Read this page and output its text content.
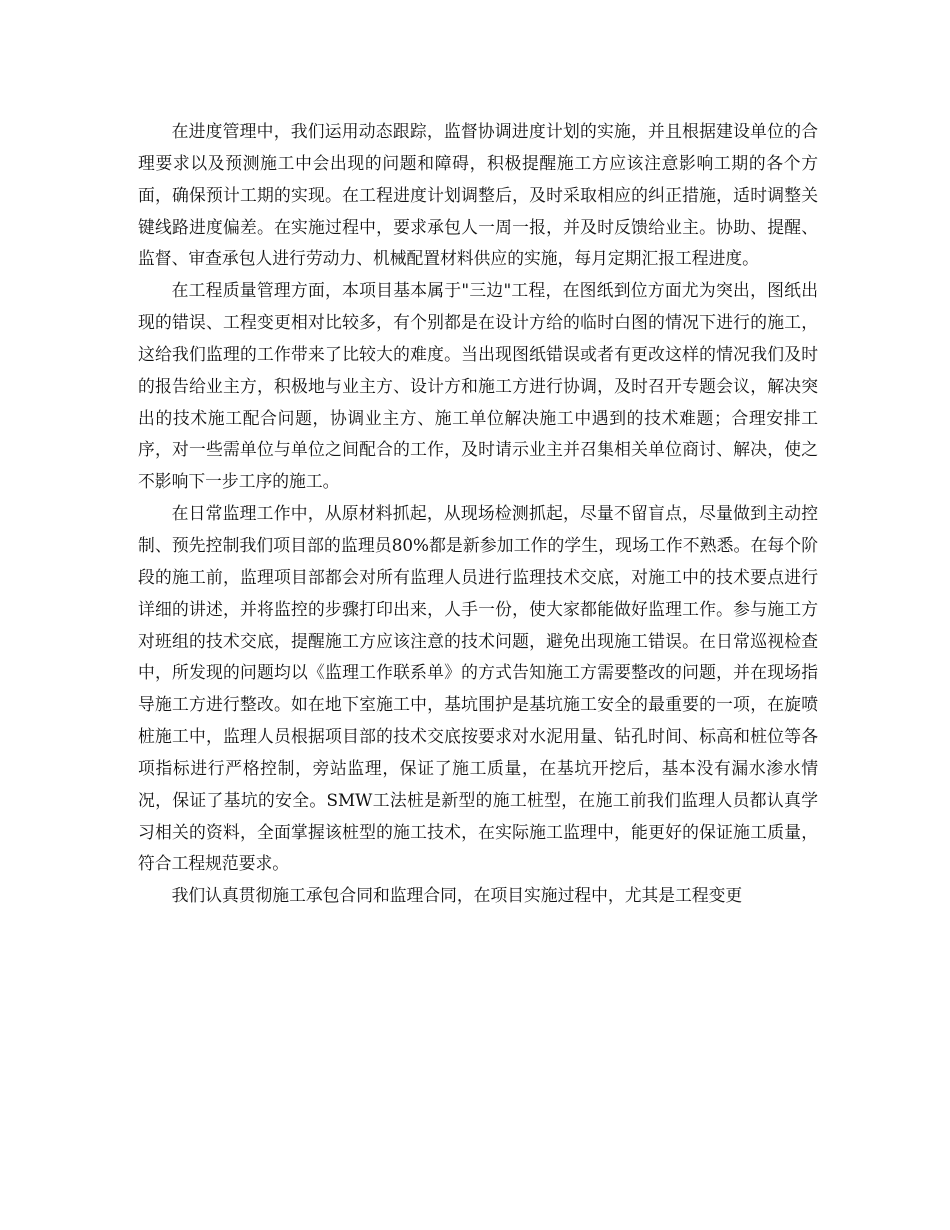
在进度管理中，我们运用动态跟踪，监督协调进度计划的实施，并且根据建设单位的合理要求以及预测施工中会出现的问题和障碍，积极提醒施工方应该注意影响工期的各个方面，确保预计工期的实现。在工程进度计划调整后，及时采取相应的纠正措施，适时调整关键线路进度偏差。在实施过程中，要求承包人一周一报，并及时反馈给业主。协助、提醒、监督、审查承包人进行劳动力、机械配置材料供应的实施，每月定期汇报工程进度。

在工程质量管理方面，本项目基本属于"三边"工程，在图纸到位方面尤为突出，图纸出现的错误、工程变更相对比较多，有个别都是在设计方给的临时白图的情况下进行的施工，这给我们监理的工作带来了比较大的难度。当出现图纸错误或者有更改这样的情况我们及时的报告给业主方，积极地与业主方、设计方和施工方进行协调，及时召开专题会议，解决突出的技术施工配合问题，协调业主方、施工单位解决施工中遇到的技术难题；合理安排工序，对一些需单位与单位之间配合的工作，及时请示业主并召集相关单位商讨、解决，使之不影响下一步工序的施工。

在日常监理工作中，从原材料抓起，从现场检测抓起，尽量不留盲点，尽量做到主动控制、预先控制我们项目部的监理员80%都是新参加工作的学生，现场工作不熟悉。在每个阶段的施工前，监理项目部都会对所有监理人员进行监理技术交底，对施工中的技术要点进行详细的讲述，并将监控的步骤打印出来，人手一份，使大家都能做好监理工作。参与施工方对班组的技术交底，提醒施工方应该注意的技术问题，避免出现施工错误。在日常巡视检查中，所发现的问题均以《监理工作联系单》的方式告知施工方需要整改的问题，并在现场指导施工方进行整改。如在地下室施工中，基坑围护是基坑施工安全的最重要的一项，在旋喷桩施工中，监理人员根据项目部的技术交底按要求对水泥用量、钻孔时间、标高和桩位等各项指标进行严格控制，旁站监理，保证了施工质量，在基坑开挖后，基本没有漏水渗水情况，保证了基坑的安全。SMW工法桩是新型的施工桩型，在施工前我们监理人员都认真学习相关的资料，全面掌握该桩型的施工技术，在实际施工监理中，能更好的保证施工质量，符合工程规范要求。

我们认真贯彻施工承包合同和监理合同，在项目实施过程中，尤其是工程变更
